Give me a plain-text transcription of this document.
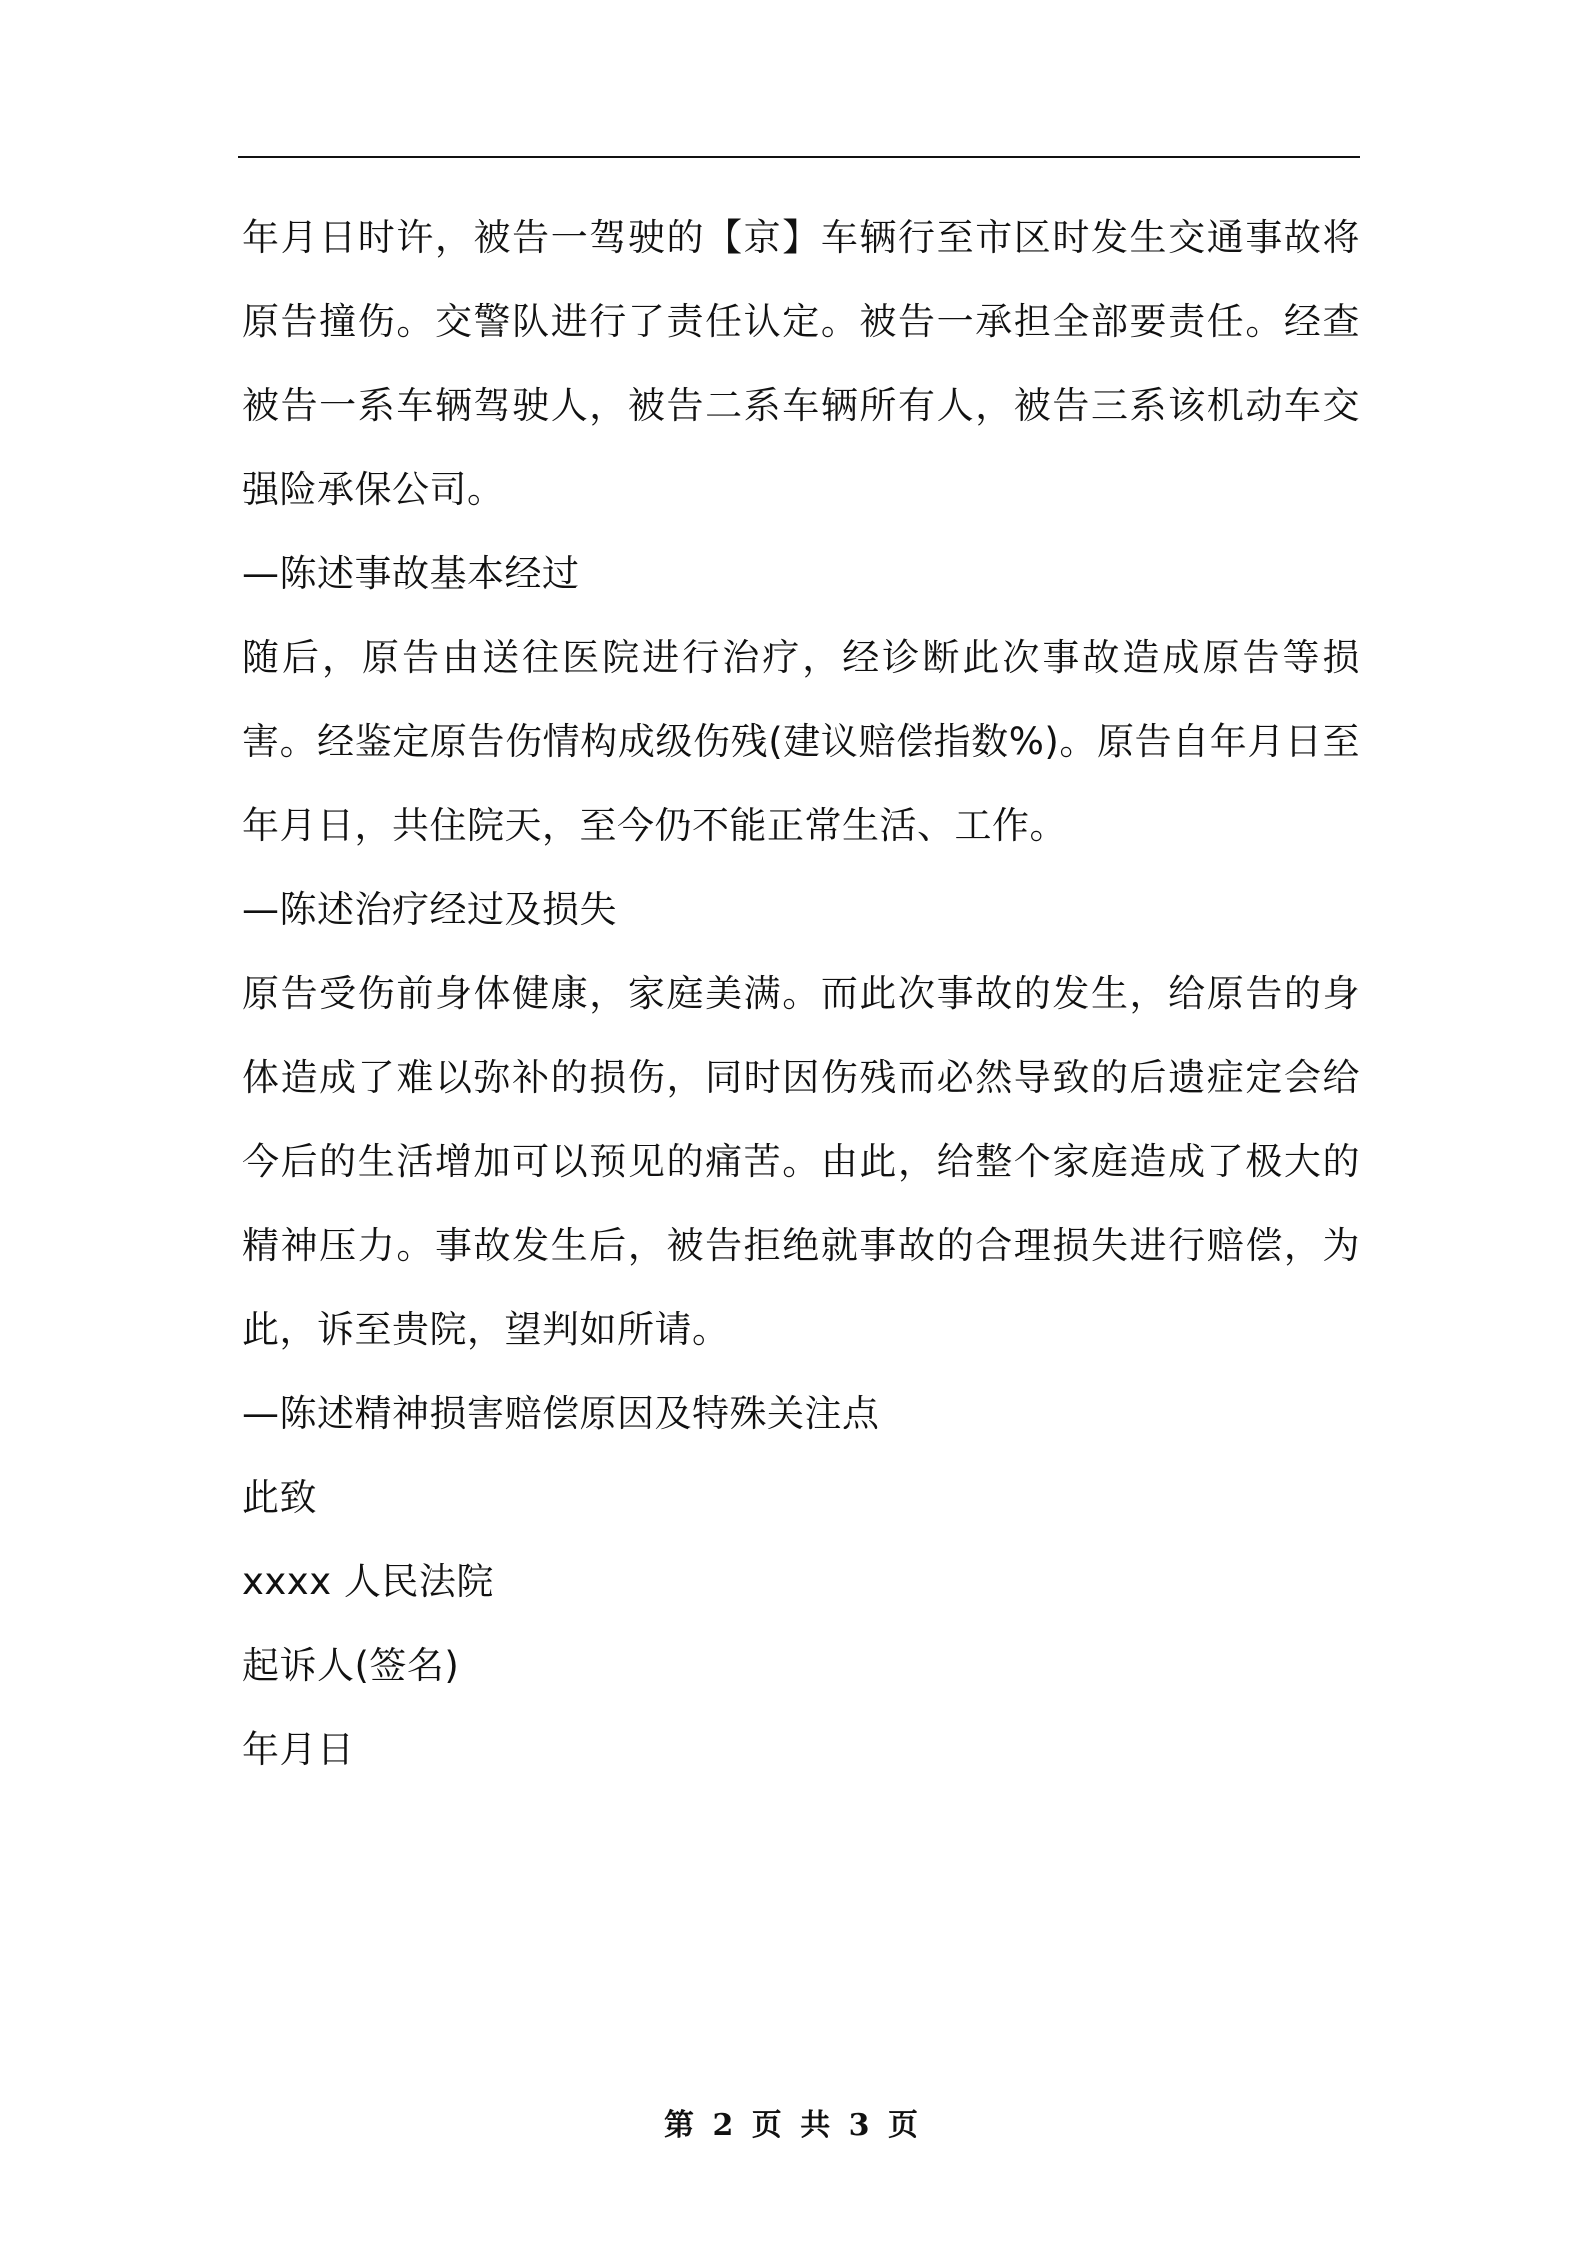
年月日时许，被告一驾驶的【京】车辆行至市区时发生交通事故将原告撞伤。交警队进行了责任认定。被告一承担全部要责任。经查被告一系车辆驾驶人，被告二系车辆所有人，被告三系该机动车交强险承保公司。

—陈述事故基本经过

随后，原告由送往医院进行治疗，经诊断此次事故造成原告等损害。经鉴定原告伤情构成级伤残(建议赔偿指数%)。原告自年月日至年月日，共住院天，至今仍不能正常生活、工作。

—陈述治疗经过及损失

原告受伤前身体健康，家庭美满。而此次事故的发生，给原告的身体造成了难以弥补的损伤，同时因伤残而必然导致的后遗症定会给今后的生活增加可以预见的痛苦。由此，给整个家庭造成了极大的精神压力。事故发生后，被告拒绝就事故的合理损失进行赔偿，为此，诉至贵院，望判如所请。

—陈述精神损害赔偿原因及特殊关注点

此致

xxxx 人民法院

起诉人(签名)

年月日

第 2 页 共 3 页
